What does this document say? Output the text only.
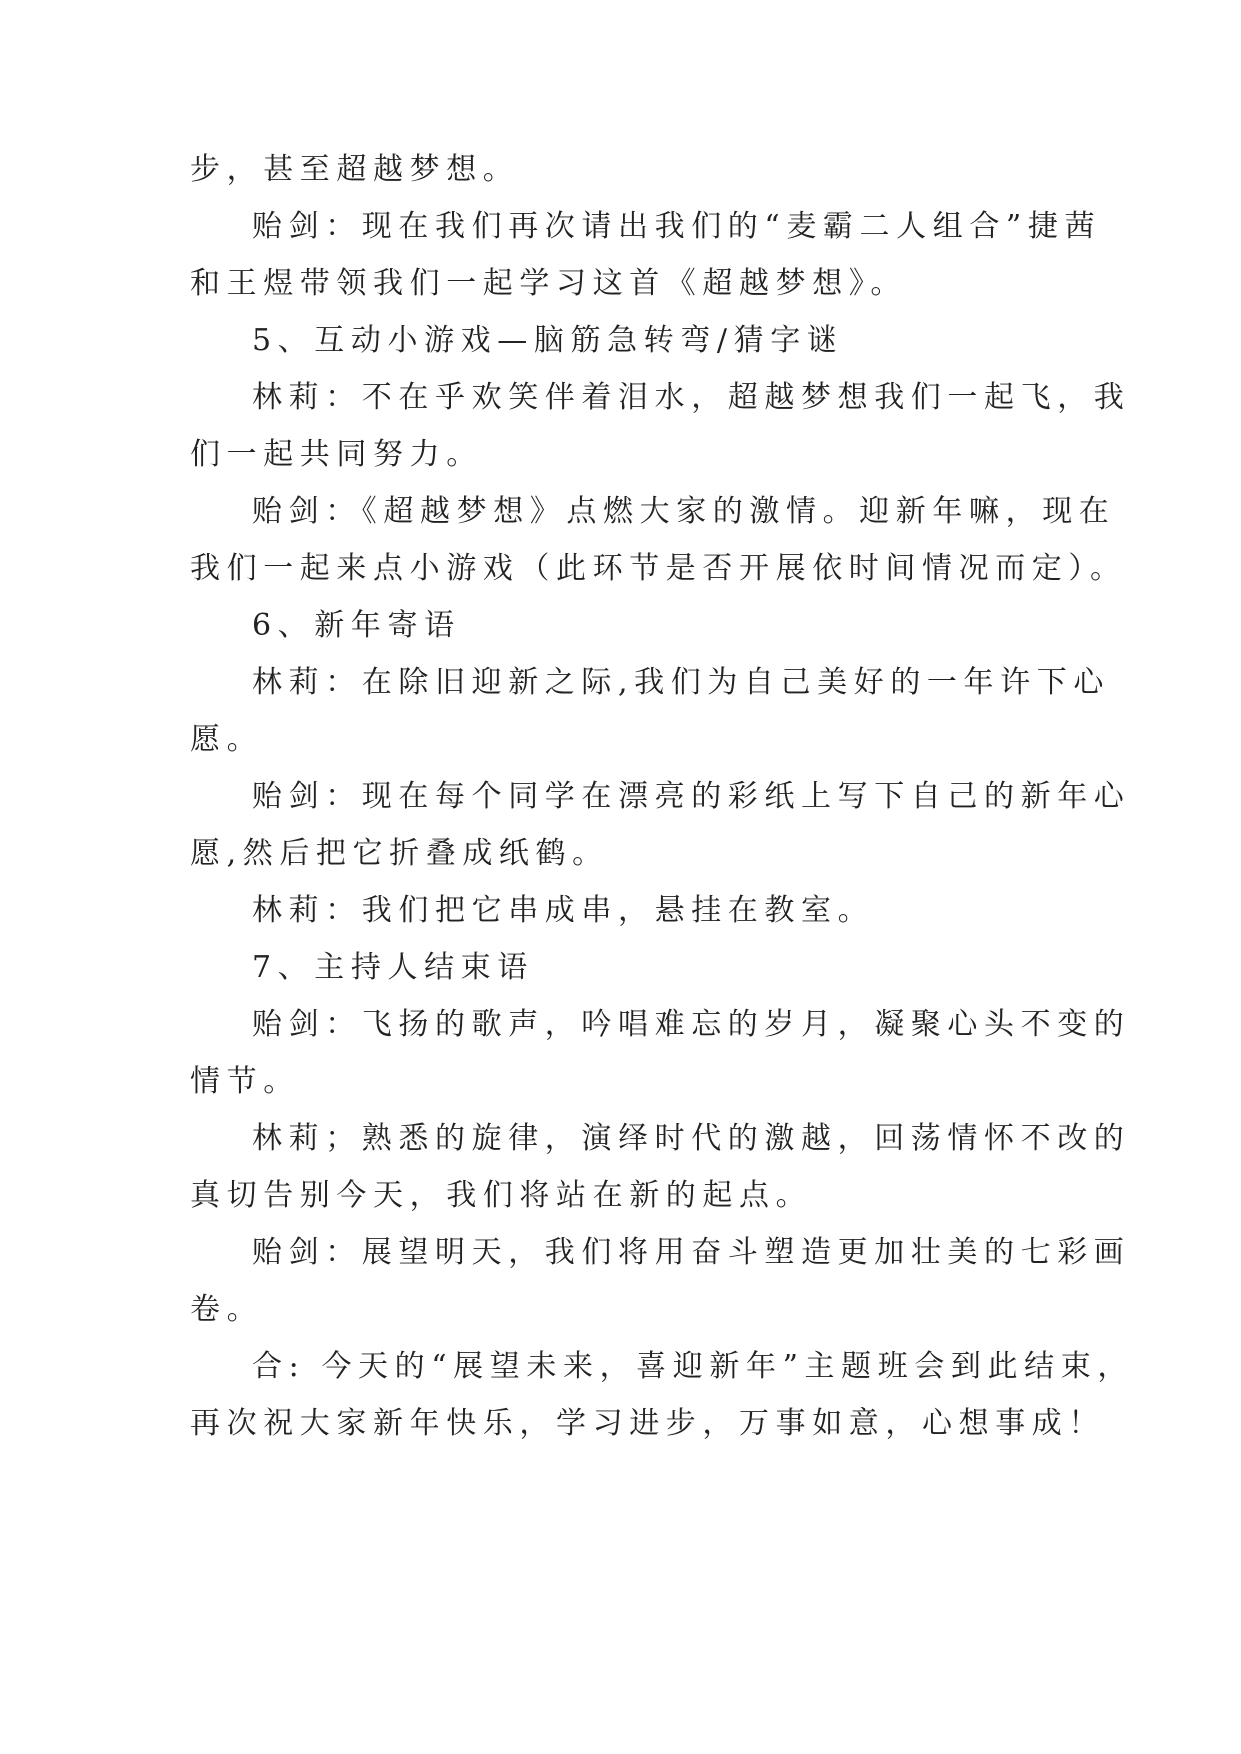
步，甚至超越梦想。
贻剑：现在我们再次请出我们的“麦霸二人组合”捷茜
和王煜带领我们一起学习这首《超越梦想》。
5、互动小游戏—脑筋急转弯/猜字谜
林莉：不在乎欢笑伴着泪水，超越梦想我们一起飞，我
们一起共同努力。
贻剑：《超越梦想》点燃大家的激情。迎新年嘛，现在
我们一起来点小游戏（此环节是否开展依时间情况而定）。
6、新年寄语
林莉：在除旧迎新之际,我们为自己美好的一年许下心
愿。
贻剑：现在每个同学在漂亮的彩纸上写下自己的新年心
愿,然后把它折叠成纸鹤。
林莉：我们把它串成串，悬挂在教室。
7、主持人结束语
贻剑：飞扬的歌声，吟唱难忘的岁月，凝聚心头不变的
情节。
林莉；熟悉的旋律，演绎时代的激越，回荡情怀不改的
真切告别今天，我们将站在新的起点。
贻剑：展望明天，我们将用奋斗塑造更加壮美的七彩画
卷。
合: 今天的“展望未来，喜迎新年”主题班会到此结束，
再次祝大家新年快乐，学习进步，万事如意，心想事成！
